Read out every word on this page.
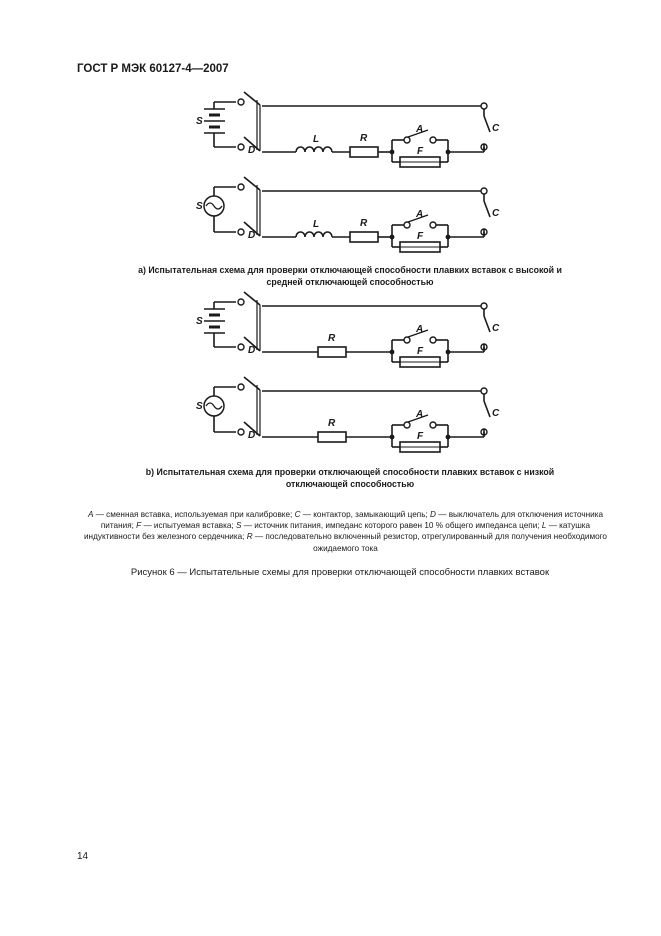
ГОСТ Р МЭК 60127-4—2007
S
D
C
L	R
A
F
S
D
C
L	R
A
F
S
D
C
R
A
F
S
D
C
R
A
F
а) Испытательная схема для проверки отключающей способности плавких вставок с высокой и средней отключающей способностью
b) Испытательная схема для проверки отключающей способности плавких вставок с низкой отключающей способностью
A — сменная вставка, используемая при калибровке; C — контактор, замыкающий цепь; D — выключатель для отключения источника питания; F — испытуемая вставка; S — источник питания, импеданс которого равен 10 % общего импеданса цепи; L — катушка индуктивности без железного сердечника; R — последовательно включенный резистор, отрегулированный для получения необходимого ожидаемого тока
Рисунок 6 — Испытательные схемы для проверки отключающей способности плавких вставок
14
